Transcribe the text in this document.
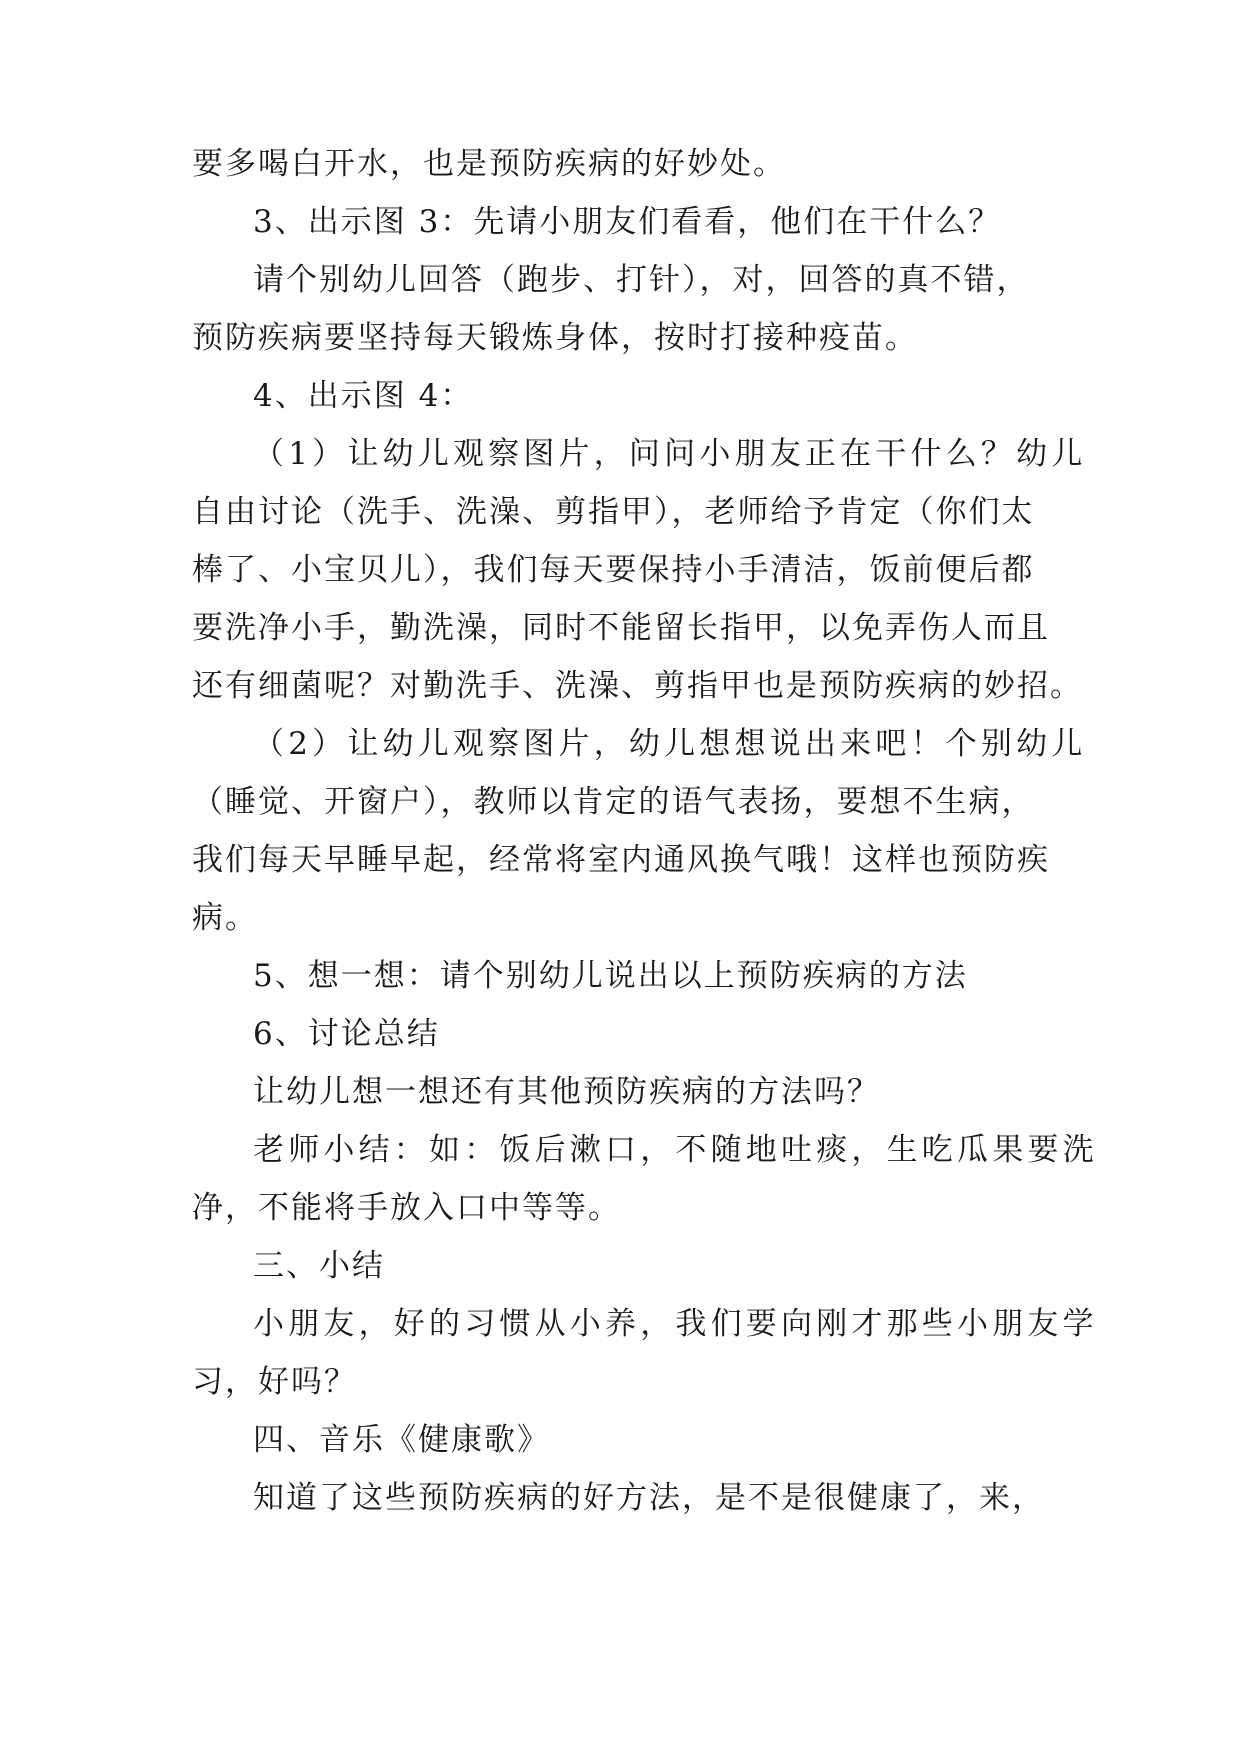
要多喝白开水，也是预防疾病的好妙处。
3、出示图 3：先请小朋友们看看，他们在干什么？
请个别幼儿回答（跑步、打针），对，回答的真不错，
预防疾病要坚持每天锻炼身体，按时打接种疫苗。
4、出示图 4：
（1）让幼儿观察图片，问问小朋友正在干什么？幼儿
自由讨论（洗手、洗澡、剪指甲），老师给予肯定（你们太
棒了、小宝贝儿），我们每天要保持小手清洁，饭前便后都
要洗净小手，勤洗澡，同时不能留长指甲，以免弄伤人而且
还有细菌呢？对勤洗手、洗澡、剪指甲也是预防疾病的妙招。
（2）让幼儿观察图片，幼儿想想说出来吧！个别幼儿
（睡觉、开窗户），教师以肯定的语气表扬，要想不生病，
我们每天早睡早起，经常将室内通风换气哦！这样也预防疾
病。
5、想一想：请个别幼儿说出以上预防疾病的方法
6、讨论总结
让幼儿想一想还有其他预防疾病的方法吗？
老师小结：如：饭后漱口，不随地吐痰，生吃瓜果要洗
净，不能将手放入口中等等。
三、小结
小朋友，好的习惯从小养，我们要向刚才那些小朋友学
习，好吗？
四、音乐《健康歌》
知道了这些预防疾病的好方法，是不是很健康了，来，
